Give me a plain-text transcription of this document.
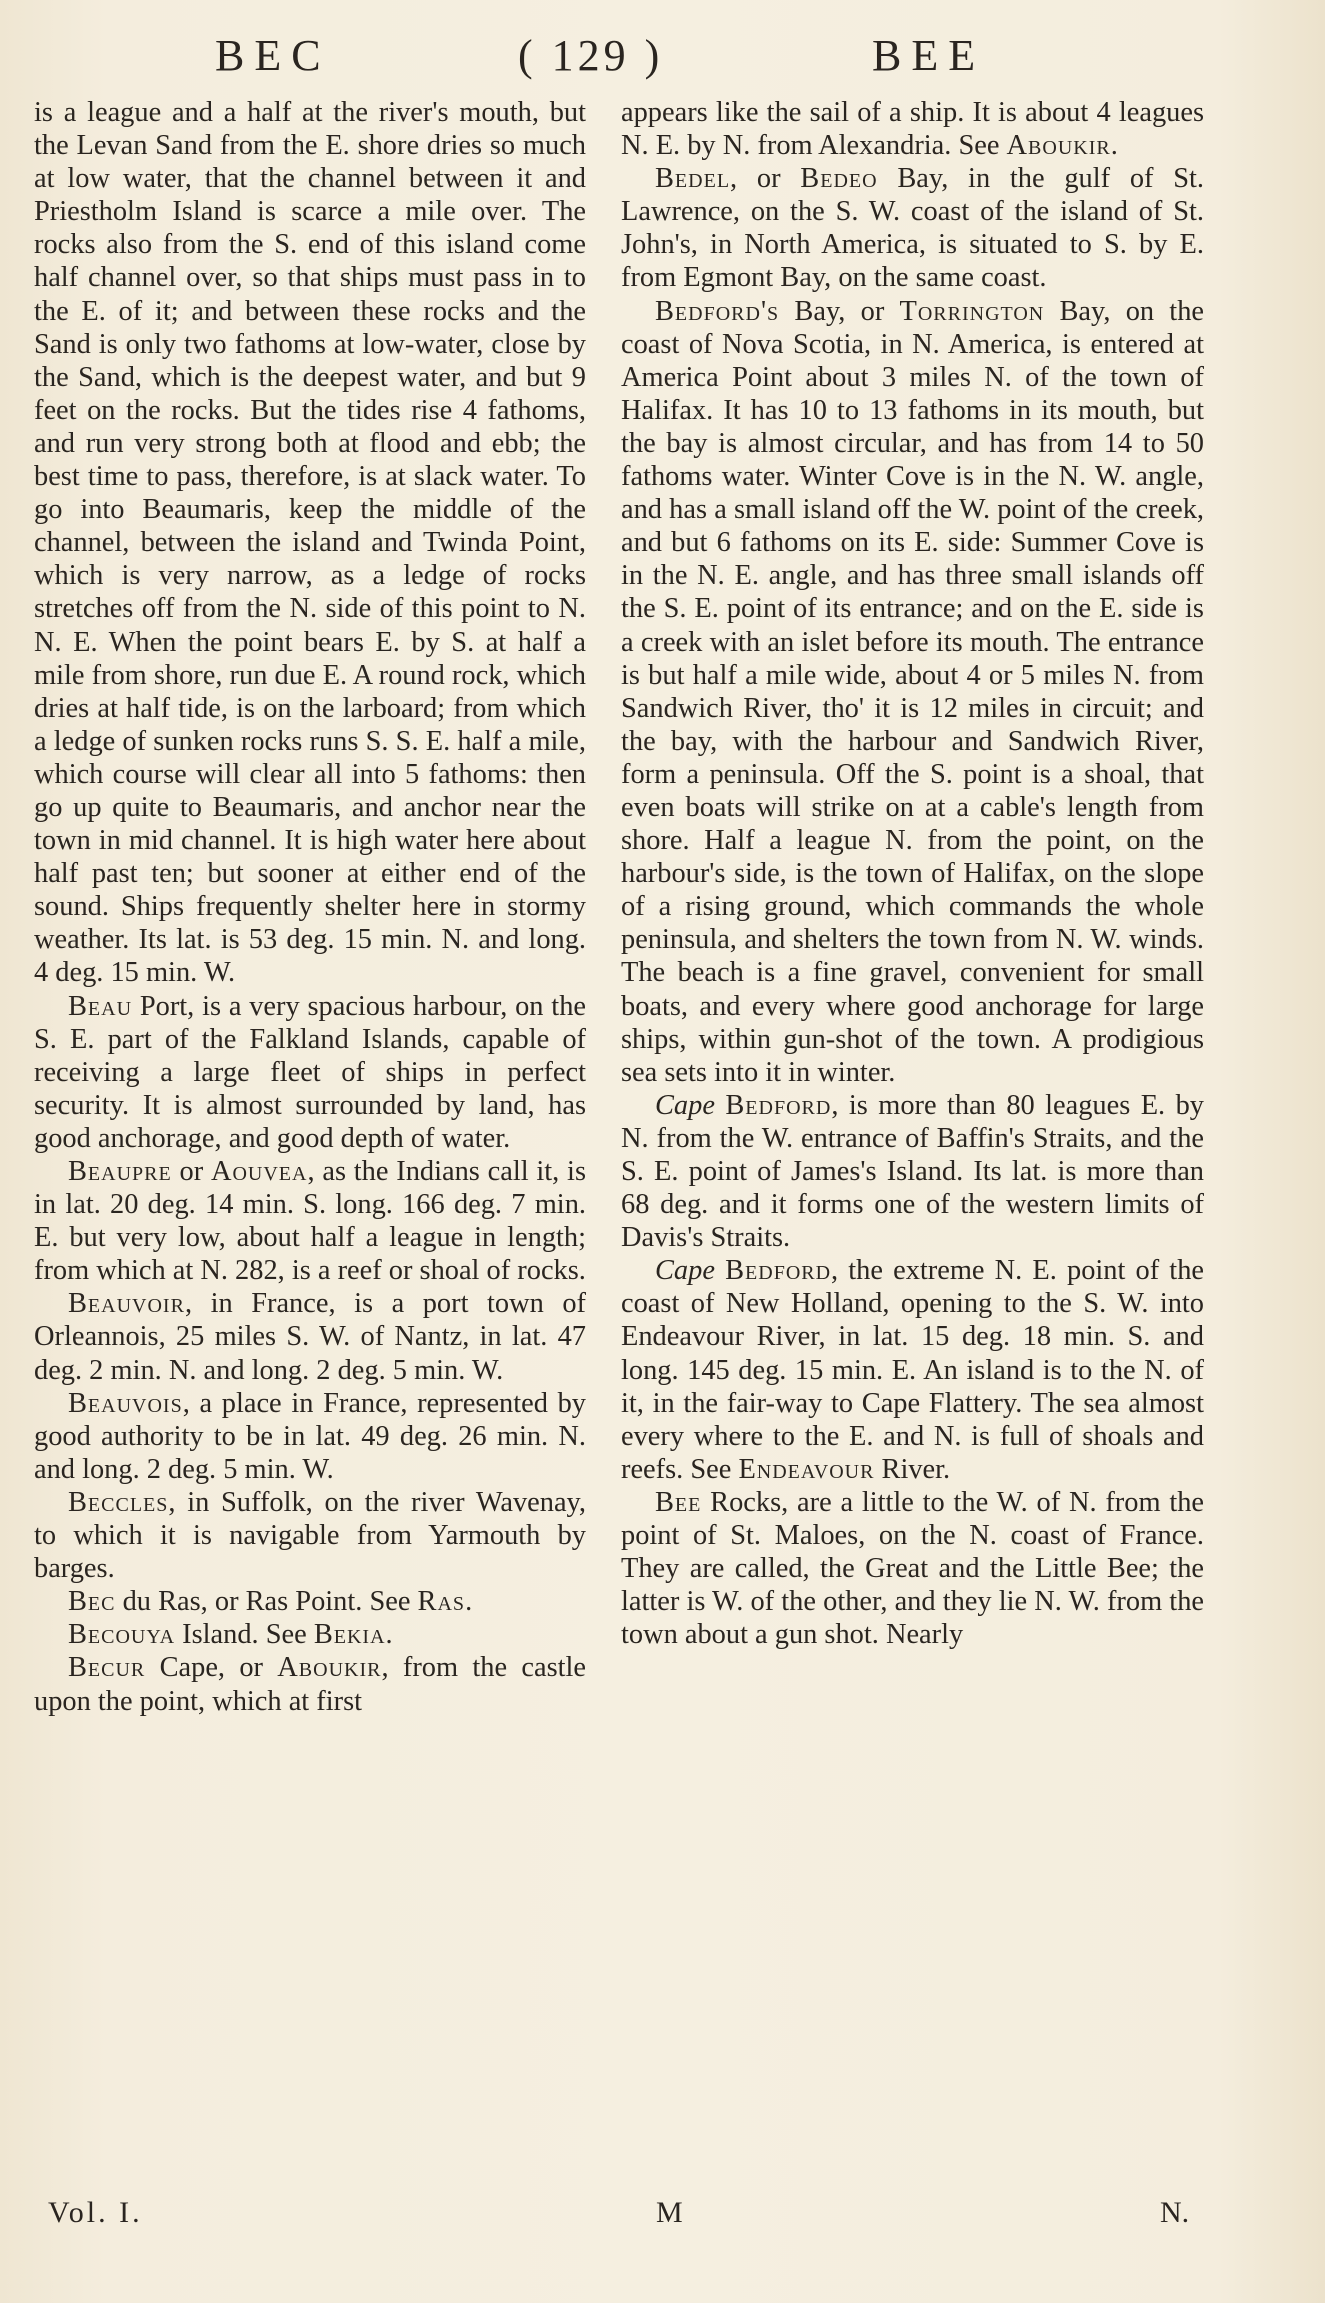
BEC	( 129 )	BEE

is a league and a half at the river's mouth, but the Levan Sand from the E. shore dries so much at low water, that the channel between it and Priestholm Island is scarce a mile over. The rocks also from the S. end of this island come half channel over, so that ships must pass in to the E. of it; and between these rocks and the Sand is only two fathoms at low-water, close by the Sand, which is the deepest water, and but 9 feet on the rocks. But the tides rise 4 fathoms, and run very strong both at flood and ebb; the best time to pass, therefore, is at slack water. To go into Beaumaris, keep the middle of the channel, between the island and Twinda Point, which is very narrow, as a ledge of rocks stretches off from the N. side of this point to N. N. E. When the point bears E. by S. at half a mile from shore, run due E. A round rock, which dries at half tide, is on the larboard; from which a ledge of sunken rocks runs S. S. E. half a mile, which course will clear all into 5 fathoms: then go up quite to Beaumaris, and anchor near the town in mid channel. It is high water here about half past ten; but sooner at either end of the sound. Ships frequently shelter here in stormy weather. Its lat. is 53 deg. 15 min. N. and long. 4 deg. 15 min. W.

Beau Port, is a very spacious harbour, on the S. E. part of the Falkland Islands, capable of receiving a large fleet of ships in perfect security. It is almost surrounded by land, has good anchorage, and good depth of water.

Beaupre or Aouvea, as the Indians call it, is in lat. 20 deg. 14 min. S. long. 166 deg. 7 min. E. but very low, about half a league in length; from which at N. 282, is a reef or shoal of rocks.

Beauvoir, in France, is a port town of Orleannois, 25 miles S. W. of Nantz, in lat. 47 deg. 2 min. N. and long. 2 deg. 5 min. W.

Beauvois, a place in France, represented by good authority to be in lat. 49 deg. 26 min. N. and long. 2 deg. 5 min. W.

Beccles, in Suffolk, on the river Wavenay, to which it is navigable from Yarmouth by barges.

Bec du Ras, or Ras Point. See Ras.

Becouya Island. See Bekia.

Becur Cape, or Aboukir, from the castle upon the point, which at first

appears like the sail of a ship. It is about 4 leagues N. E. by N. from Alexandria. See Aboukir.

Bedel, or Bedeo Bay, in the gulf of St. Lawrence, on the S. W. coast of the island of St. John's, in North America, is situated to S. by E. from Egmont Bay, on the same coast.

Bedford's Bay, or Torrington Bay, on the coast of Nova Scotia, in N. America, is entered at America Point about 3 miles N. of the town of Halifax. It has 10 to 13 fathoms in its mouth, but the bay is almost circular, and has from 14 to 50 fathoms water. Winter Cove is in the N. W. angle, and has a small island off the W. point of the creek, and but 6 fathoms on its E. side: Summer Cove is in the N. E. angle, and has three small islands off the S. E. point of its entrance; and on the E. side is a creek with an islet before its mouth. The entrance is but half a mile wide, about 4 or 5 miles N. from Sandwich River, tho' it is 12 miles in circuit; and the bay, with the harbour and Sandwich River, form a peninsula. Off the S. point is a shoal, that even boats will strike on at a cable's length from shore. Half a league N. from the point, on the harbour's side, is the town of Halifax, on the slope of a rising ground, which commands the whole peninsula, and shelters the town from N. W. winds. The beach is a fine gravel, convenient for small boats, and every where good anchorage for large ships, within gun-shot of the town. A prodigious sea sets into it in winter.

Cape Bedford, is more than 80 leagues E. by N. from the W. entrance of Baffin's Straits, and the S. E. point of James's Island. Its lat. is more than 68 deg. and it forms one of the western limits of Davis's Straits.

Cape Bedford, the extreme N. E. point of the coast of New Holland, opening to the S. W. into Endeavour River, in lat. 15 deg. 18 min. S. and long. 145 deg. 15 min. E. An island is to the N. of it, in the fair-way to Cape Flattery. The sea almost every where to the E. and N. is full of shoals and reefs. See Endeavour River.

Bee Rocks, are a little to the W. of N. from the point of St. Maloes, on the N. coast of France. They are called, the Great and the Little Bee; the latter is W. of the other, and they lie N. W. from the town about a gun shot. Nearly

Vol. I.	M	N.
